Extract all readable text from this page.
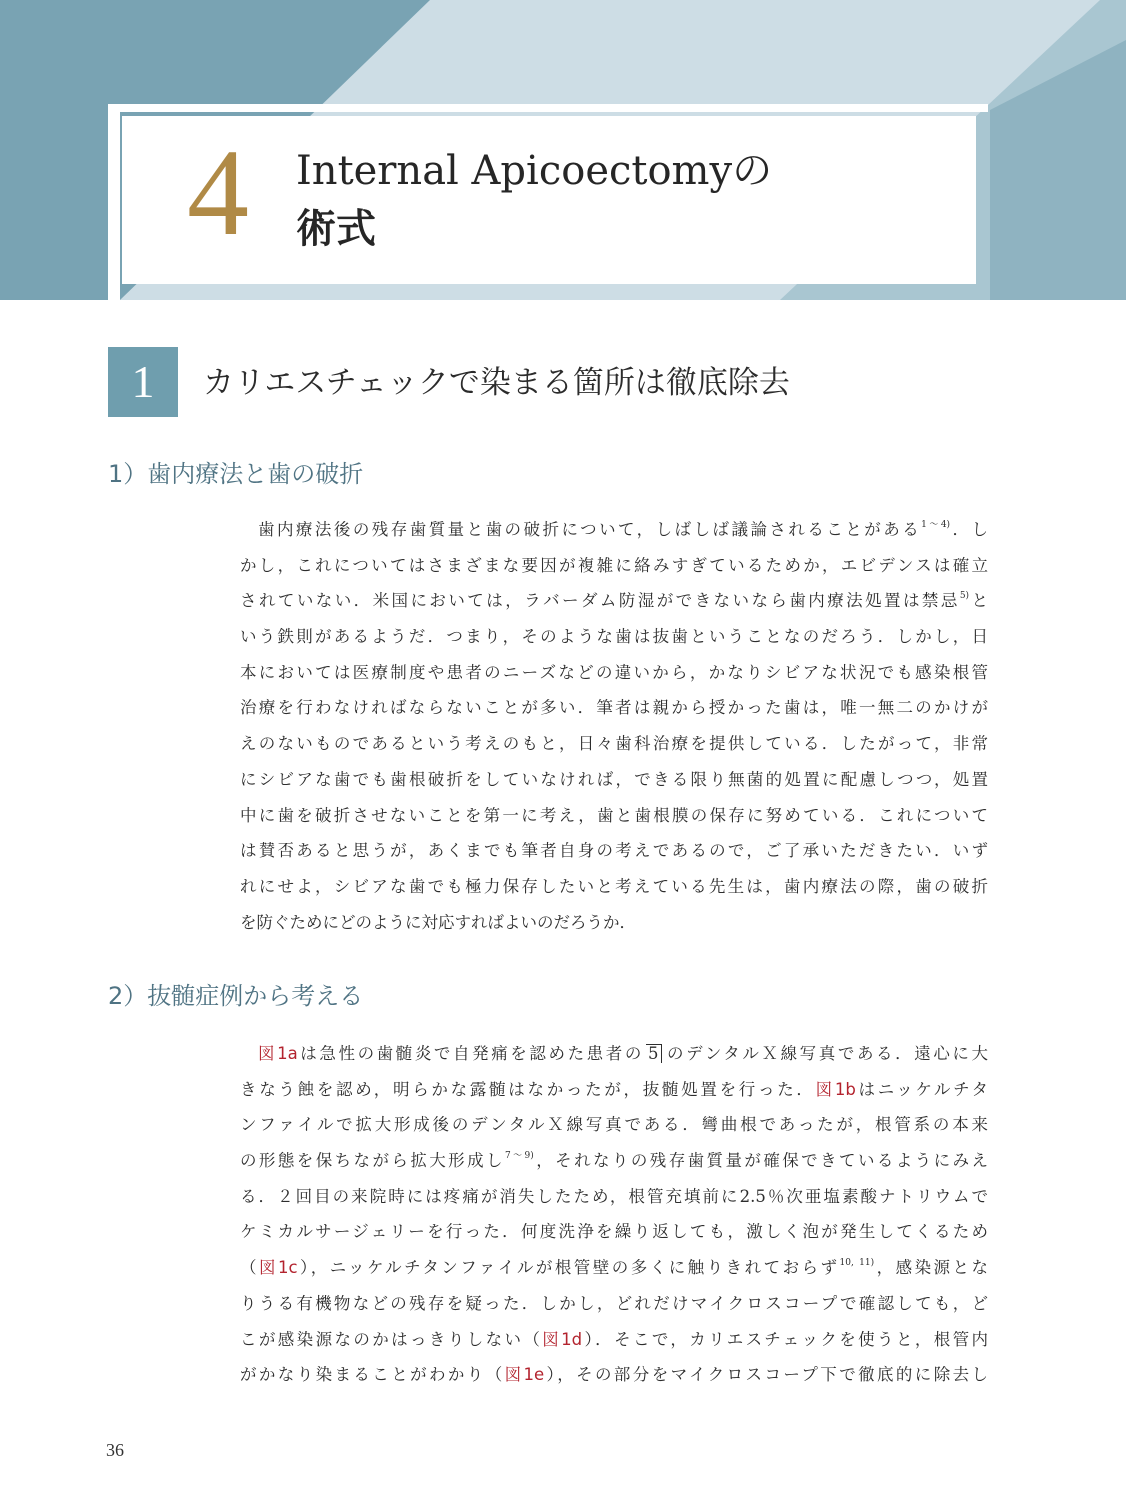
4 Internal Apicoectomyの
術式
1	カリエスチェックで染まる箇所は徹底除去
1）歯内療法と歯の破折
歯内療法後の残存歯質量と歯の破折について，しばしば議論されることがある$^{1〜4)}$．し
かし，これについてはさまざまな要因が複雑に絡みすぎているためか，エビデンスは確立
されていない．米国においては，ラバーダム防湿ができないなら歯内療法処置は禁忌$^{5)}$と
いう鉄則があるようだ．つまり，そのような歯は抜歯ということなのだろう．しかし，日
本においては医療制度や患者のニーズなどの違いから，かなりシビアな状況でも感染根管
治療を行わなければならないことが多い．筆者は親から授かった歯は，唯一無二のかけが
えのないものであるという考えのもと，日々歯科治療を提供している．したがって，非常
にシビアな歯でも歯根破折をしていなければ，できる限り無菌的処置に配慮しつつ，処置
中に歯を破折させないことを第一に考え，歯と歯根膜の保存に努めている．これについて
は賛否あると思うが，あくまでも筆者自身の考えであるので，ご了承いただきたい．いず
れにせよ，シビアな歯でも極力保存したいと考えている先生は，歯内療法の際，歯の破折
を防ぐためにどのように対応すればよいのだろうか．
2）抜髄症例から考える
図1aは急性の歯髄炎で自発痛を認めた患者の 5 のデンタルＸ線写真である．遠心に大
きなう蝕を認め，明らかな露髄はなかったが，抜髄処置を行った．図1bはニッケルチタ
ンファイルで拡大形成後のデンタルＸ線写真である．彎曲根であったが，根管系の本来
の形態を保ちながら拡大形成し$^{7〜9)}$，それなりの残存歯質量が確保できているようにみえ
る．２回目の来院時には疼痛が消失したため，根管充填前に2.5％次亜塩素酸ナトリウムで
ケミカルサージェリーを行った．何度洗浄を繰り返しても，激しく泡が発生してくるため
（図1c），ニッケルチタンファイルが根管壁の多くに触りきれておらず$^{10, 11)}$，感染源とな
りうる有機物などの残存を疑った．しかし，どれだけマイクロスコープで確認しても，ど
こが感染源なのかはっきりしない（図1d）．そこで，カリエスチェックを使うと，根管内
がかなり染まることがわかり（図1e），その部分をマイクロスコープ下で徹底的に除去し
36
